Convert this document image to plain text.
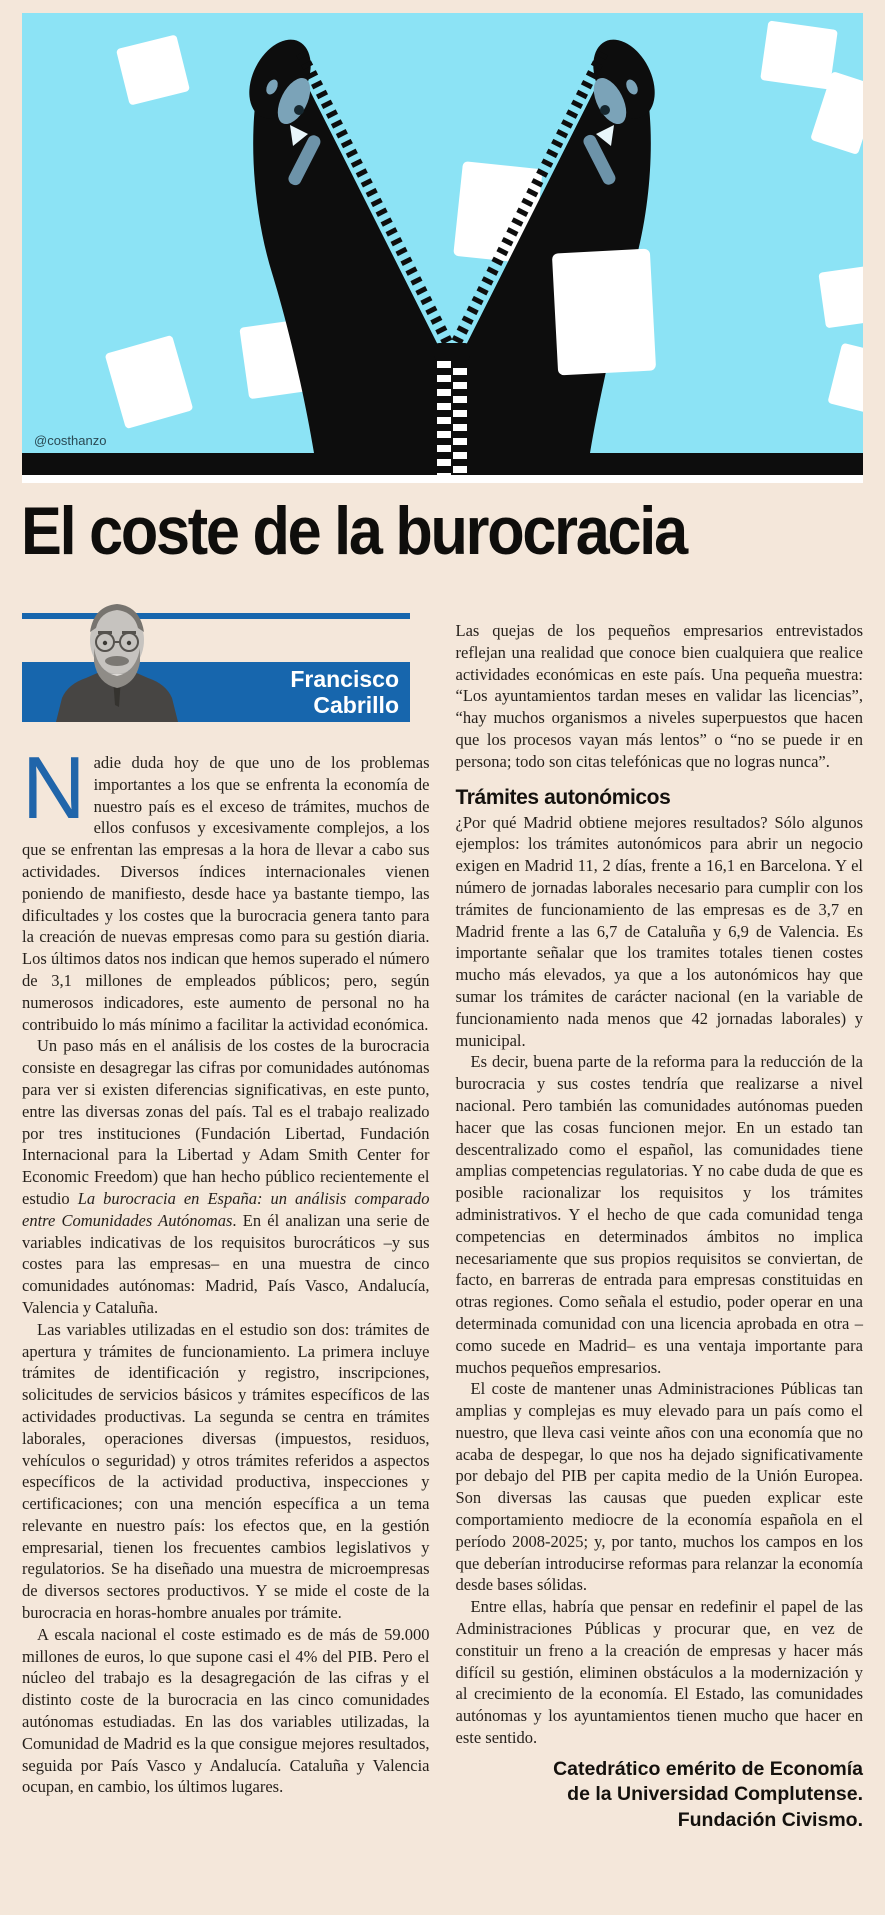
@costhanzo
El coste de la burocracia
Francisco
Cabrillo

Nadie duda hoy de que uno de los problemas importantes a los que se enfrenta la economía de nuestro país es el exceso de trámites, muchos de ellos confusos y excesivamente complejos, a los que se enfrentan las empresas a la hora de llevar a cabo sus actividades. Diversos índices internacionales vienen poniendo de manifiesto, desde hace ya bastante tiempo, las dificultades y los costes que la burocracia genera tanto para la creación de nuevas empresas como para su gestión diaria. Los últimos datos nos indican que hemos superado el número de 3,1 millones de empleados públicos; pero, según numerosos indicadores, este aumento de personal no ha contribuido lo más mínimo a facilitar la actividad económica.

Un paso más en el análisis de los costes de la burocracia consiste en desagregar las cifras por comunidades autónomas para ver si existen diferencias significativas, en este punto, entre las diversas zonas del país. Tal es el trabajo realizado por tres instituciones (Fundación Libertad, Fundación Internacional para la Libertad y Adam Smith Center for Economic Freedom) que han hecho público recientemente el estudio La burocracia en España: un análisis comparado entre Comunidades Autónomas. En él analizan una serie de variables indicativas de los requisitos burocráticos –y sus costes para las empresas– en una muestra de cinco comunidades autónomas: Madrid, País Vasco, Andalucía, Valencia y Cataluña.

Las variables utilizadas en el estudio son dos: trámites de apertura y trámites de funcionamiento. La primera incluye trámites de identificación y registro, inscripciones, solicitudes de servicios básicos y trámites específicos de las actividades productivas. La segunda se centra en trámites laborales, operaciones diversas (impuestos, residuos, vehículos o seguridad) y otros trámites referidos a aspectos específicos de la actividad productiva, inspecciones y certificaciones; con una mención específica a un tema relevante en nuestro país: los efectos que, en la gestión empresarial, tienen los frecuentes cambios legislativos y regulatorios. Se ha diseñado una muestra de microempresas de diversos sectores productivos. Y se mide el coste de la burocracia en horas-hombre anuales por trámite.

A escala nacional el coste estimado es de más de 59.000 millones de euros, lo que supone casi el 4% del PIB. Pero el núcleo del trabajo es la desagregación de las cifras y el distinto coste de la burocracia en las cinco comunidades autónomas estudiadas. En las dos variables utilizadas, la Comunidad de Madrid es la que consigue mejores resultados, seguida por País Vasco y Andalucía. Cataluña y Valencia ocupan, en cambio, los últimos lugares.

Las quejas de los pequeños empresarios entrevistados reflejan una realidad que conoce bien cualquiera que realice actividades económicas en este país. Una pequeña muestra: “Los ayuntamientos tardan meses en validar las licencias”, “hay muchos organismos a niveles superpuestos que hacen que los procesos vayan más lentos” o “no se puede ir en persona; todo son citas telefónicas que no logras nunca”.

Trámites autonómicos

¿Por qué Madrid obtiene mejores resultados? Sólo algunos ejemplos: los trámites autonómicos para abrir un negocio exigen en Madrid 11, 2 días, frente a 16,1 en Barcelona. Y el número de jornadas laborales necesario para cumplir con los trámites de funcionamiento de las empresas es de 3,7 en Madrid frente a las 6,7 de Cataluña y 6,9 de Valencia. Es importante señalar que los tramites totales tienen costes mucho más elevados, ya que a los autonómicos hay que sumar los trámites de carácter nacional (en la variable de funcionamiento nada menos que 42 jornadas laborales) y municipal.

Es decir, buena parte de la reforma para la reducción de la burocracia y sus costes tendría que realizarse a nivel nacional. Pero también las comunidades autónomas pueden hacer que las cosas funcionen mejor. En un estado tan descentralizado como el español, las comunidades tiene amplias competencias regulatorias. Y no cabe duda de que es posible racionalizar los requisitos y los trámites administrativos. Y el hecho de que cada comunidad tenga competencias en determinados ámbitos no implica necesariamente que sus propios requisitos se conviertan, de facto, en barreras de entrada para empresas constituidas en otras regiones. Como señala el estudio, poder operar en una determinada comunidad con una licencia aprobada en otra –como sucede en Madrid– es una ventaja importante para muchos pequeños empresarios.

El coste de mantener unas Administraciones Públicas tan amplias y complejas es muy elevado para un país como el nuestro, que lleva casi veinte años con una economía que no acaba de despegar, lo que nos ha dejado significativamente por debajo del PIB per capita medio de la Unión Europea. Son diversas las causas que pueden explicar este comportamiento mediocre de la economía española en el período 2008-2025; y, por tanto, muchos los campos en los que deberían introducirse reformas para relanzar la economía desde bases sólidas.

Entre ellas, habría que pensar en redefinir el papel de las Administraciones Públicas y procurar que, en vez de constituir un freno a la creación de empresas y hacer más difícil su gestión, eliminen obstáculos a la modernización y al crecimiento de la economía. El Estado, las comunidades autónomas y los ayuntamientos tienen mucho que hacer en este sentido.

Catedrático emérito de Economía
de la Universidad Complutense.
Fundación Civismo.
